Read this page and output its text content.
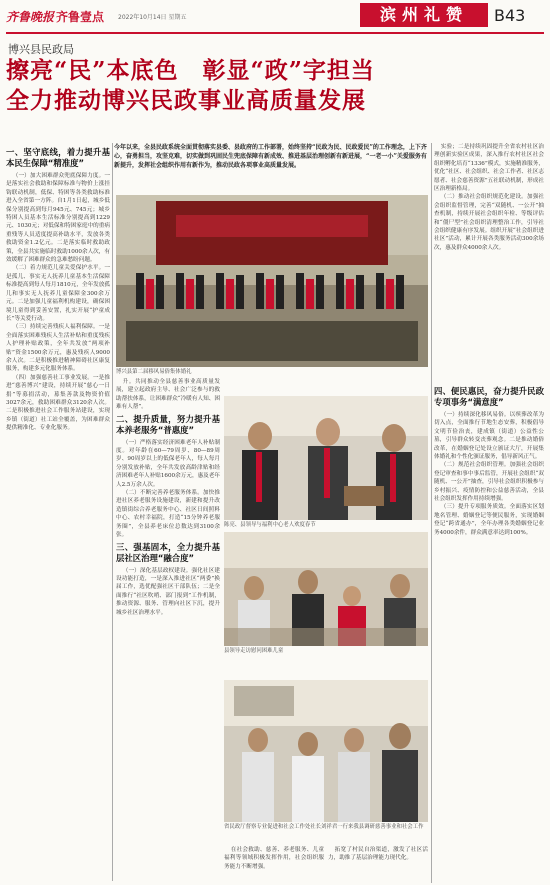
齐鲁晚报 齐鲁壹点 2022年10月14日 星期五	滨州礼赞	B43
博兴县民政局
擦亮“民”本底色　彰显“政”字担当
全力推动博兴民政事业高质量发展
今年以来，全县民政系统全面贯彻落实县委、县政府的工作部署，始终坚持“民政为民、民政爱民”的工作理念，上下齐心，奋勇担当，攻坚克难，切实做到巩固民生兜底保障有新成效、推进基层治理创新有新进展，“一老一小”关爱服务有新提升，发挥社会组织作用有新作为，推动民政各项事业高质量发展。
一、坚守底线，着力提升基本民生保障“精准度”

（一）加大困难群众兜底保障力度。一是落实社会救助和保障标准与物价上涨挂钩联动机制，低保、特困等各类救助标准进入全省第一方阵。自1月1日起，城乡低保分别提高到每月945元、745元；城乡特困人员基本生活标准分别提高到1229元、1030元；对低保和特困家庭中的重病重残等人员适度提高补助水平，发放各类救助资金1.2亿元。二是落实临时救助政策，全县共实施临时救助1000余人次，有效缓解了困难群众的急难愁盼问题。

（二）着力规范儿童关爱保护水平。一是孤儿、事实无人抚养儿童基本生活保障标准提高到每人每月1810元，全年发放孤儿和事实无人抚养儿童保障金300余万元。二是加强儿童福利机构建设，确保困境儿童得到妥善安置，扎实开展“护童成长”等关爱行动。

（三）持续完善残疾人福利保障。一是全面落实困难残疾人生活补贴和重度残疾人护理补贴政策，全年共发放“两项补贴”资金1500余万元，惠及残疾人9000余人次。二是积极推进精神障碍社区康复服务，构建多元化服务体系。

（四）加强慈善社工事业发展。一是推进“慈善博兴”建设，持续开展“慈心一日捐”等募捐活动，募集善款及物资价值3027余元，救助困难群众3120余人次。二是积极推进社会工作服务站建设，实现乡镇（街道）社工站全覆盖，为困难群众提供精准化、专业化服务。

博兴县第二届移风易俗集体婚礼

升。共同推动全县慈善事业高质量发展，建立起政府主导、社会广泛参与的救助帮扶体系，让困难群众“冷暖有人知、困难有人帮”。

二、提升质量，努力提升基本养老服务“普惠度”

（一）严格落实经济困难老年人补贴制度。对年龄在60—79周岁、80—89周岁、90周岁以上的低保老年人，每人每月分别发放补贴，全年共发放高龄津贴和经济困难老年人补贴1600余万元，惠及老年人2.5万余人次。

（二）不断完善养老服务体系。加快推进社区养老服务设施建设，新建和提升改造镇街综合养老服务中心、社区日间照料中心、农村幸福院，打造“15分钟养老服务圈”，全县养老床位总数达到3100余张。

三、强基固本，全力提升基层社区治理“融合度”

（一）深化基层政权建设。强化社区建设功能打造，一是深入推进社区“两委”换届工作，选优配强社区干部队伍；二是全面推行“社区吹哨、部门报到”工作机制，推动资源、服务、管理向社区下沉，提升城乡社区治理水平。

陈亮、县领导与福利中心老人欢度春节
县领导走访慰问困难儿童
省民政厅督察专业促进和社会工作处社长刘祥君一行来我县调研慈善事业和社会工作

在社会救助、慈善、养老服务、儿童福利等领域积极发挥作用，社会组织服务能力不断增强。

拓宽了村民自治渠道，激发了社区活力，助推了基层治理能力现代化。

实验；二是持续巩固提升全省农村社区治理创新实验区成果，深入推行农村社区社会组织孵化培育“1336”模式，实施精准服务，优化“社区、社会组织、社会工作者、社区志愿者、社会慈善资源”五社联动机制，形成社区治理新格局。

（二）推动社会组织规范化建设。加强社会组织监督管理，完善“双随机、一公开”抽查机制，持续开展社会组织年检、等级评估和“僵尸型”社会组织清理整治工作，引导社会组织健康有序发展。组织开展“社会组织进社区”活动，累计开展各类服务活动300余场次，惠及群众4000余人次。

四、便民惠民，奋力提升民政专项事务“满意度”

（一）持续深化移风易俗。以殡葬改革为切入点，全面推行节地生态安葬，积极倡导文明节俭治丧，建成镇（街道）公益性公墓，引导群众转变丧葬观念。二是推动婚俗改革，在婚姻登记处设立颁证大厅，开展集体婚礼和个性化颁证服务，倡导新风正气。

（二）规范社会组织管理。加强社会组织登记审查和事中事后监管，开展社会组织“双随机、一公开”抽查，引导社会组织积极参与乡村振兴、疫情防控和公益慈善活动，全县社会组织发挥作用持续增强。

（三）提升专项服务质效。全面落实区划地名管理、婚姻登记等便民服务，实现婚姻登记“跨省通办”，全年办理各类婚姻登记业务4000余件，群众满意率达到100%。
